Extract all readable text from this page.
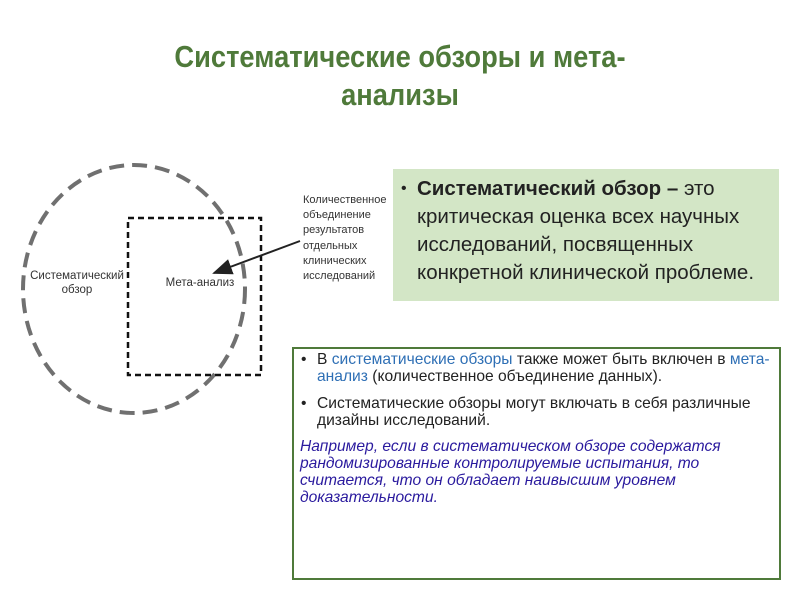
Систематические обзоры и мета-анализы
Систематический обзор
Мета-анализ
Количественное объединение результатов отдельных клинических исследований
• Систематический обзор – это критическая оценка всех научных исследований, посвященных конкретной клинической проблеме.
• В систематические обзоры также может быть включен в мета-анализ (количественное объединение данных).
• Систематические обзоры могут включать в себя различные дизайны исследований.
Например, если в систематическом обзоре содержатся рандомизированные контролируемые испытания, то считается, что он обладает наивысшим уровнем доказательности.
